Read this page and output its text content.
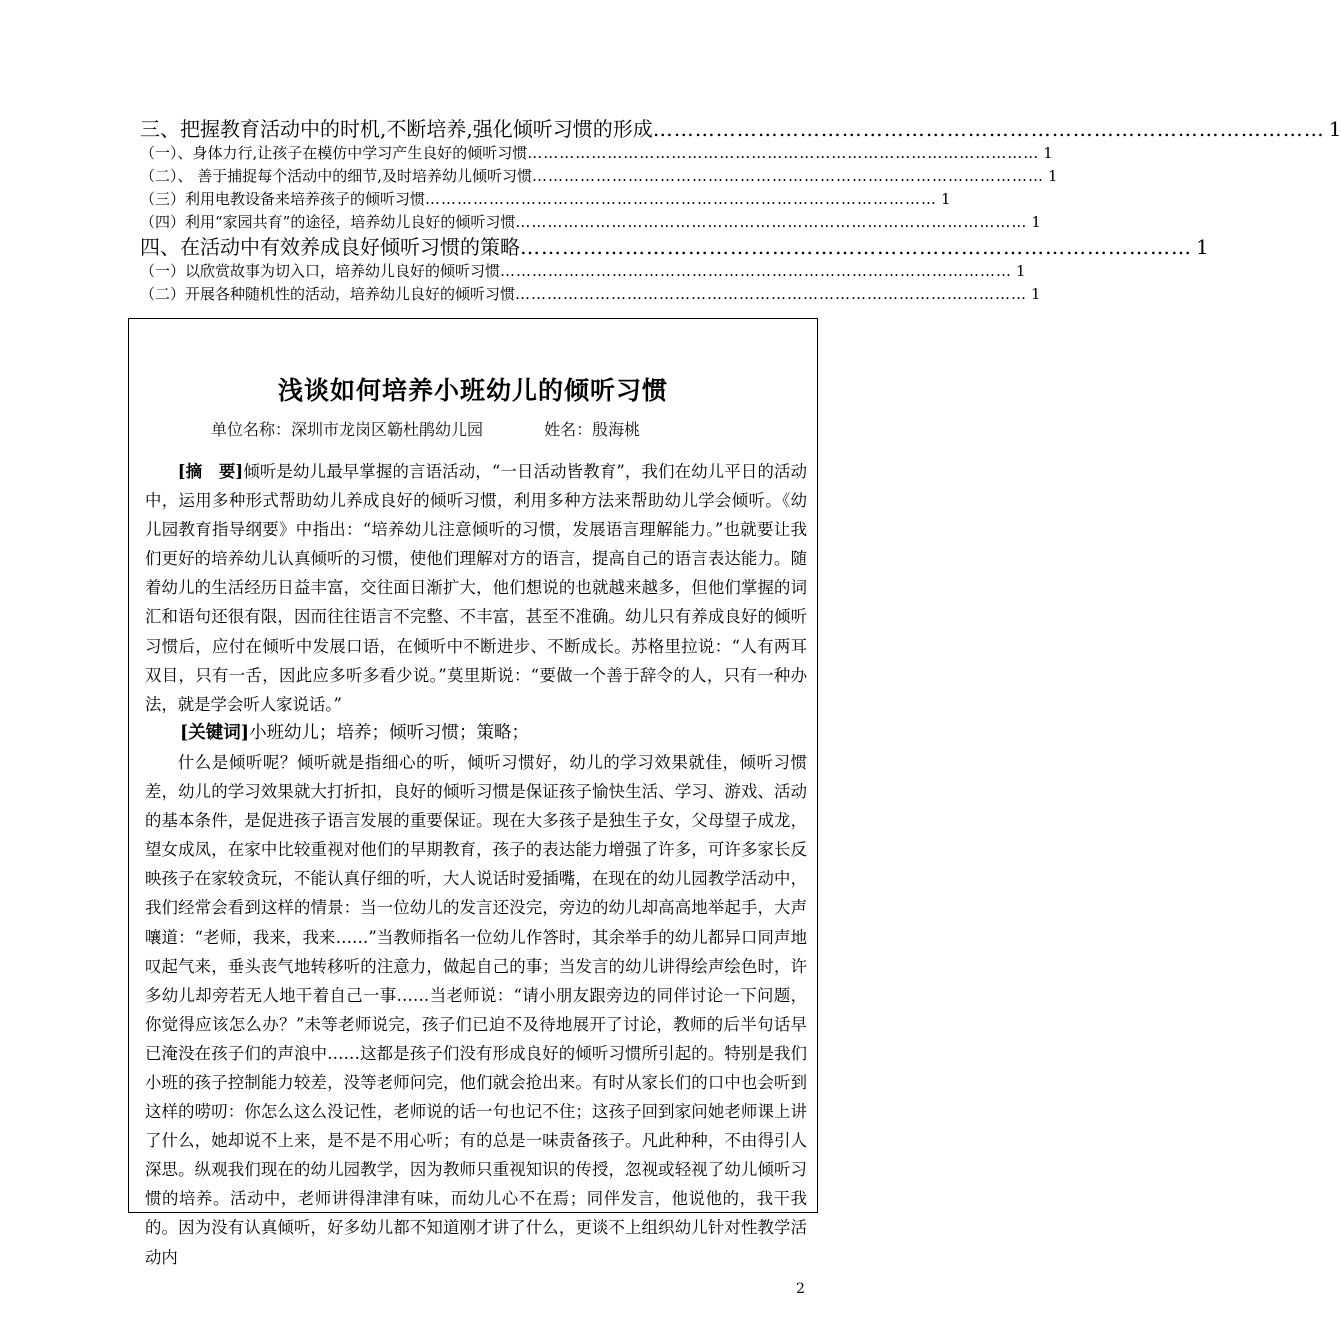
三、把握教育活动中的时机,不断培养,强化倾听习惯的形成 …………………………………………………………………………………… 1
（一）、身体力行,让孩子在模仿中学习产生良好的倾听习惯 …………………………………………………………………………………… 1
（二）、 善于捕捉每个活动中的细节,及时培养幼儿倾听习惯 …………………………………………………………………………………… 1
（三）利用电教设备来培养孩子的倾听习惯 …………………………………………………………………………………… 1
（四）利用“家园共育”的途径，培养幼儿良好的倾听习惯 …………………………………………………………………………………… 1
四、在活动中有效养成良好倾听习惯的策略 …………………………………………………………………………………… 1
（一）以欣赏故事为切入口，培养幼儿良好的倾听习惯 …………………………………………………………………………………… 1
（二）开展各种随机性的活动，培养幼儿良好的倾听习惯 …………………………………………………………………………………… 1
浅谈如何培养小班幼儿的倾听习惯
单位名称：深圳市龙岗区簕杜鹃幼儿园	姓名：殷海桃

[摘　要]倾听是幼儿最早掌握的言语活动，“一日活动皆教育”，我们在幼儿平日的活动中，运用多种形式帮助幼儿养成良好的倾听习惯，利用多种方法来帮助幼儿学会倾听。《幼儿园教育指导纲要》中指出：“培养幼儿注意倾听的习惯，发展语言理解能力。”也就要让我们更好的培养幼儿认真倾听的习惯，使他们理解对方的语言，提高自己的语言表达能力。随着幼儿的生活经历日益丰富，交往面日渐扩大，他们想说的也就越来越多，但他们掌握的词汇和语句还很有限，因而往往语言不完整、不丰富，甚至不准确。幼儿只有养成良好的倾听习惯后，应付在倾听中发展口语，在倾听中不断进步、不断成长。苏格里拉说：“人有两耳双目，只有一舌，因此应多听多看少说。”莫里斯说：“要做一个善于辞令的人，只有一种办法，就是学会听人家说话。”

[关键词]小班幼儿；培养；倾听习惯；策略；

什么是倾听呢？倾听就是指细心的听，倾听习惯好，幼儿的学习效果就佳，倾听习惯差，幼儿的学习效果就大打折扣，良好的倾听习惯是保证孩子愉快生活、学习、游戏、活动的基本条件，是促进孩子语言发展的重要保证。现在大多孩子是独生子女，父母望子成龙，望女成凤，在家中比较重视对他们的早期教育，孩子的表达能力增强了许多，可许多家长反映孩子在家较贪玩，不能认真仔细的听，大人说话时爱插嘴，在现在的幼儿园教学活动中，我们经常会看到这样的情景：当一位幼儿的发言还没完，旁边的幼儿却高高地举起手，大声嚷道：“老师，我来，我来……”当教师指名一位幼儿作答时，其余举手的幼儿都异口同声地叹起气来，垂头丧气地转移听的注意力，做起自己的事；当发言的幼儿讲得绘声绘色时，许多幼儿却旁若无人地干着自己一事……当老师说：“请小朋友跟旁边的同伴讨论一下问题，你觉得应该怎么办？”未等老师说完，孩子们已迫不及待地展开了讨论，教师的后半句话早已淹没在孩子们的声浪中……这都是孩子们没有形成良好的倾听习惯所引起的。特别是我们小班的孩子控制能力较差，没等老师问完，他们就会抢出来。有时从家长们的口中也会听到这样的唠叨：你怎么这么没记性，老师说的话一句也记不住；这孩子回到家问她老师课上讲了什么，她却说不上来，是不是不用心听；有的总是一味责备孩子。凡此种种，不由得引人深思。纵观我们现在的幼儿园教学，因为教师只重视知识的传授，忽视或轻视了幼儿倾听习惯的培养。活动中，老师讲得津津有味，而幼儿心不在焉；同伴发言，他说他的，我干我的。因为没有认真倾听，好多幼儿都不知道刚才讲了什么，更谈不上组织幼儿针对性教学活动内

2
